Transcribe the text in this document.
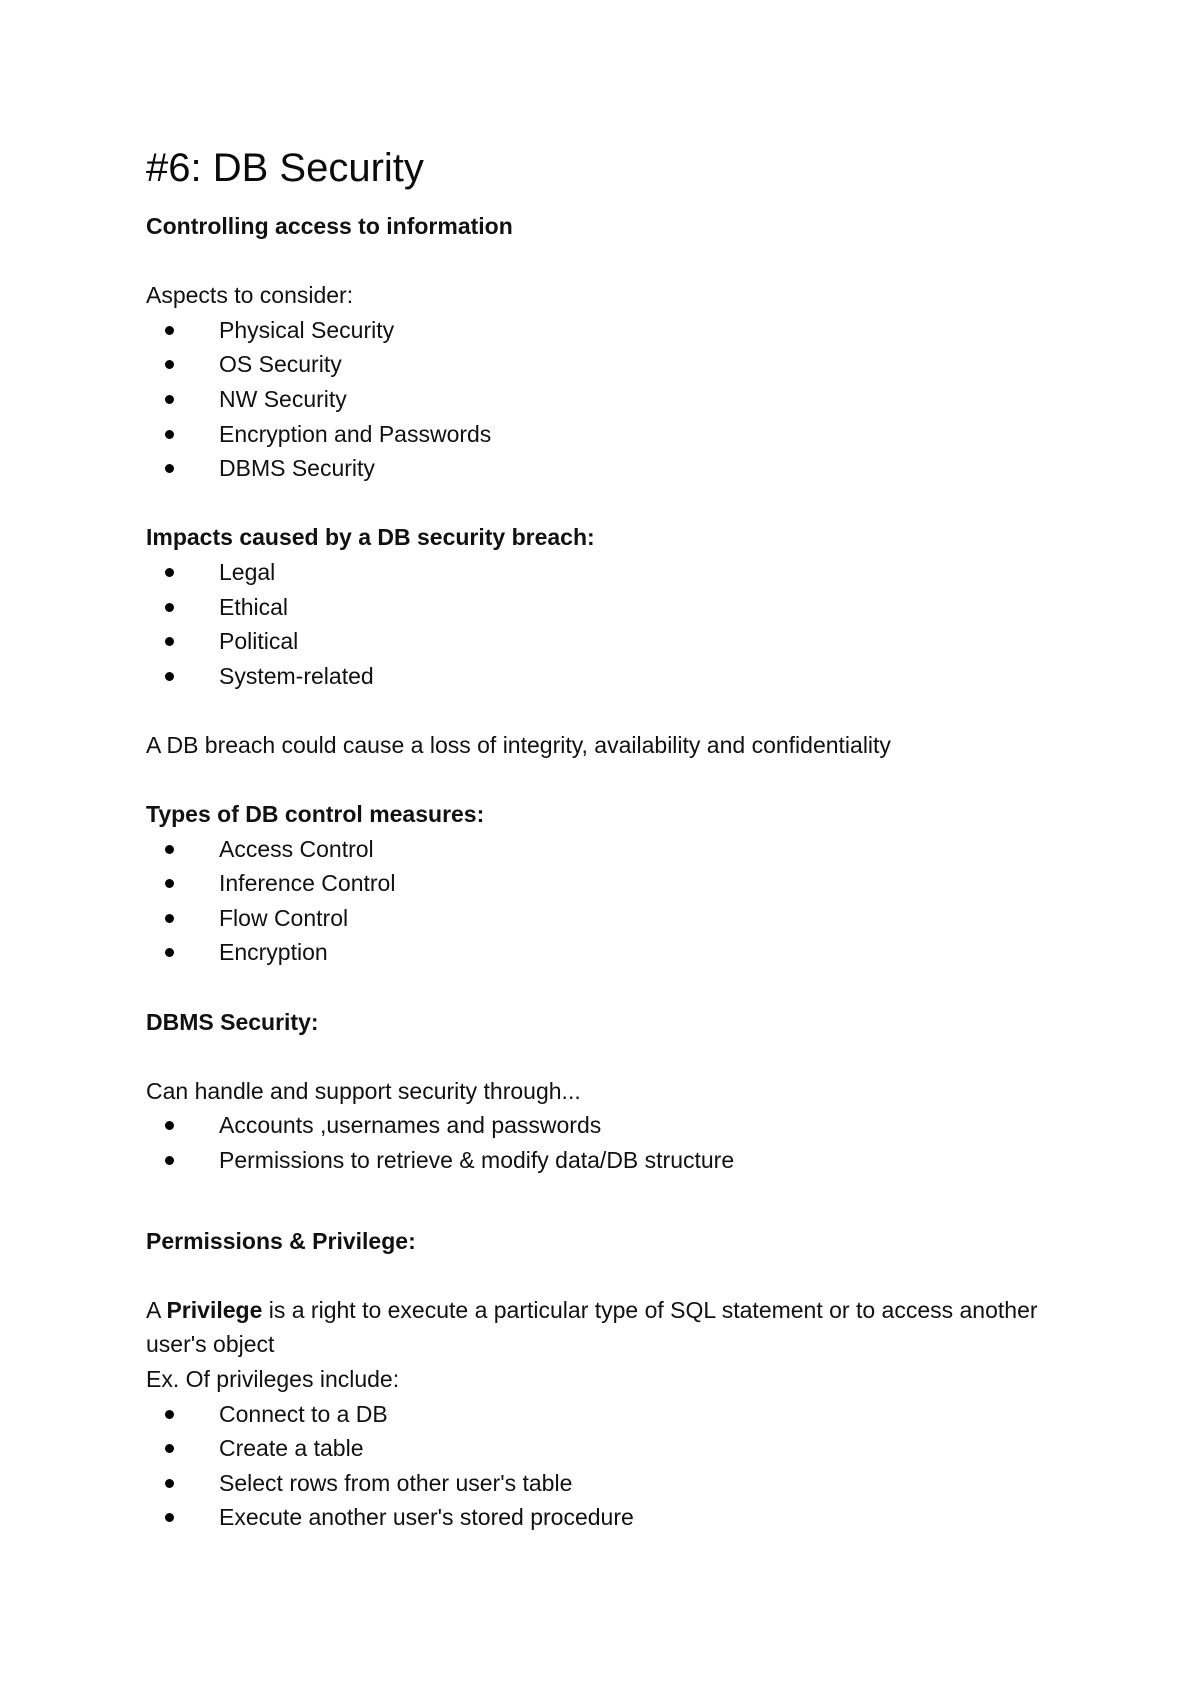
#6: DB Security

Controlling access to information

Aspects to consider:

Physical Security
OS Security
NW Security
Encryption and Passwords
DBMS Security

Impacts caused by a DB security breach:

Legal
Ethical
Political
System-related

A DB breach could cause a loss of integrity, availability and confidentiality

Types of DB control measures:

Access Control
Inference Control
Flow Control
Encryption

DBMS Security:

Can handle and support security through...

Accounts ,usernames and passwords
Permissions to retrieve & modify data/DB structure

Permissions & Privilege:

A Privilege is a right to execute a particular type of SQL statement or to access another user's object

Ex. Of privileges include:

Connect to a DB
Create a table
Select rows from other user's table
Execute another user's stored procedure
